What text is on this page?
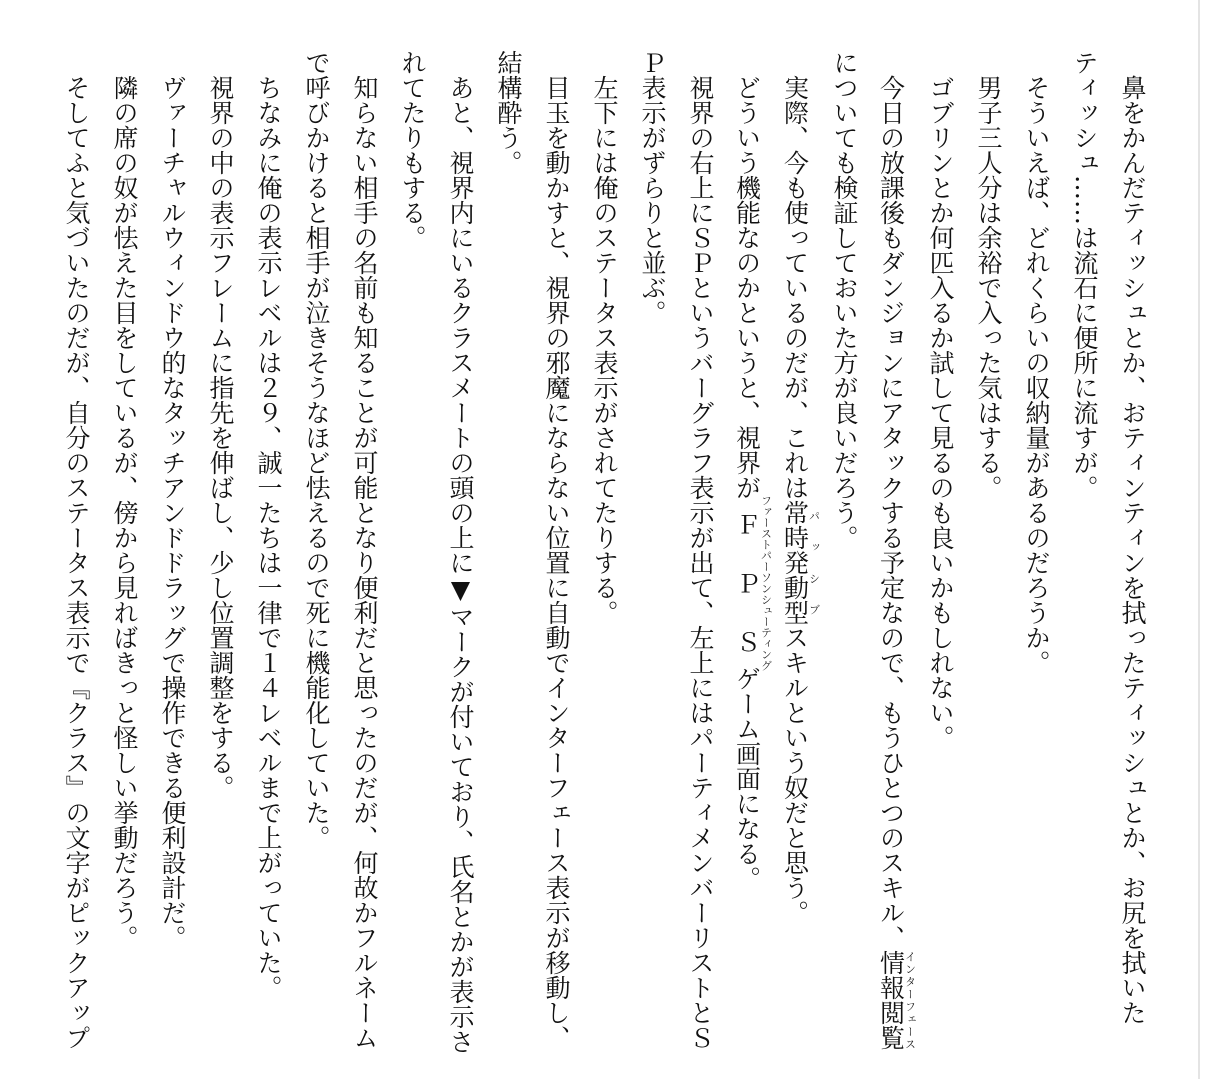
　鼻をかんだティッシュとか、おティンティンを拭ったティッシュとか、お尻を拭いた

ティッシュ……は流石に便所に流すが。

　そういえば、どれくらいの収納量があるのだろうか。

　男子三人分は余裕で入った気はする。

　ゴブリンとか何匹入るか試して見るのも良いかもしれない。

　今日の放課後もダンジョンにアタックする予定なので、もうひとつのスキル、情報閲覧インターフェース

についても検証しておいた方が良いだろう。

　実際、今も使っているのだが、これは常時発動型パッシブスキルという奴だと思う。

　どういう機能なのかというと、視界がＦＰＳファーストパーソンシューティングゲーム画面になる。

　視界の右上にＳＰというバーグラフ表示が出て、左上にはパーティメンバーリストとＳ

Ｐ表示がずらりと並ぶ。

　左下には俺のステータス表示がされてたりする。

　目玉を動かすと、視界の邪魔にならない位置に自動でインターフェース表示が移動し、

結構酔う。

　あと、視界内にいるクラスメートの頭の上に▼マークが付いており、氏名とかが表示さ

れてたりもする。

　知らない相手の名前も知ることが可能となり便利だと思ったのだが、何故かフルネーム

で呼びかけると相手が泣きそうなほど怯えるので死に機能化していた。

　ちなみに俺の表示レベルは２９、誠一たちは一律で１４レベルまで上がっていた。

　視界の中の表示フレームに指先を伸ばし、少し位置調整をする。

　ヴァーチャルウィンドウ的なタッチアンドドラッグで操作できる便利設計だ。

　隣の席の奴が怯えた目をしているが、傍から見ればきっと怪しい挙動だろう。

　そしてふと気づいたのだが、自分のステータス表示で『クラス』の文字がピックアップ
